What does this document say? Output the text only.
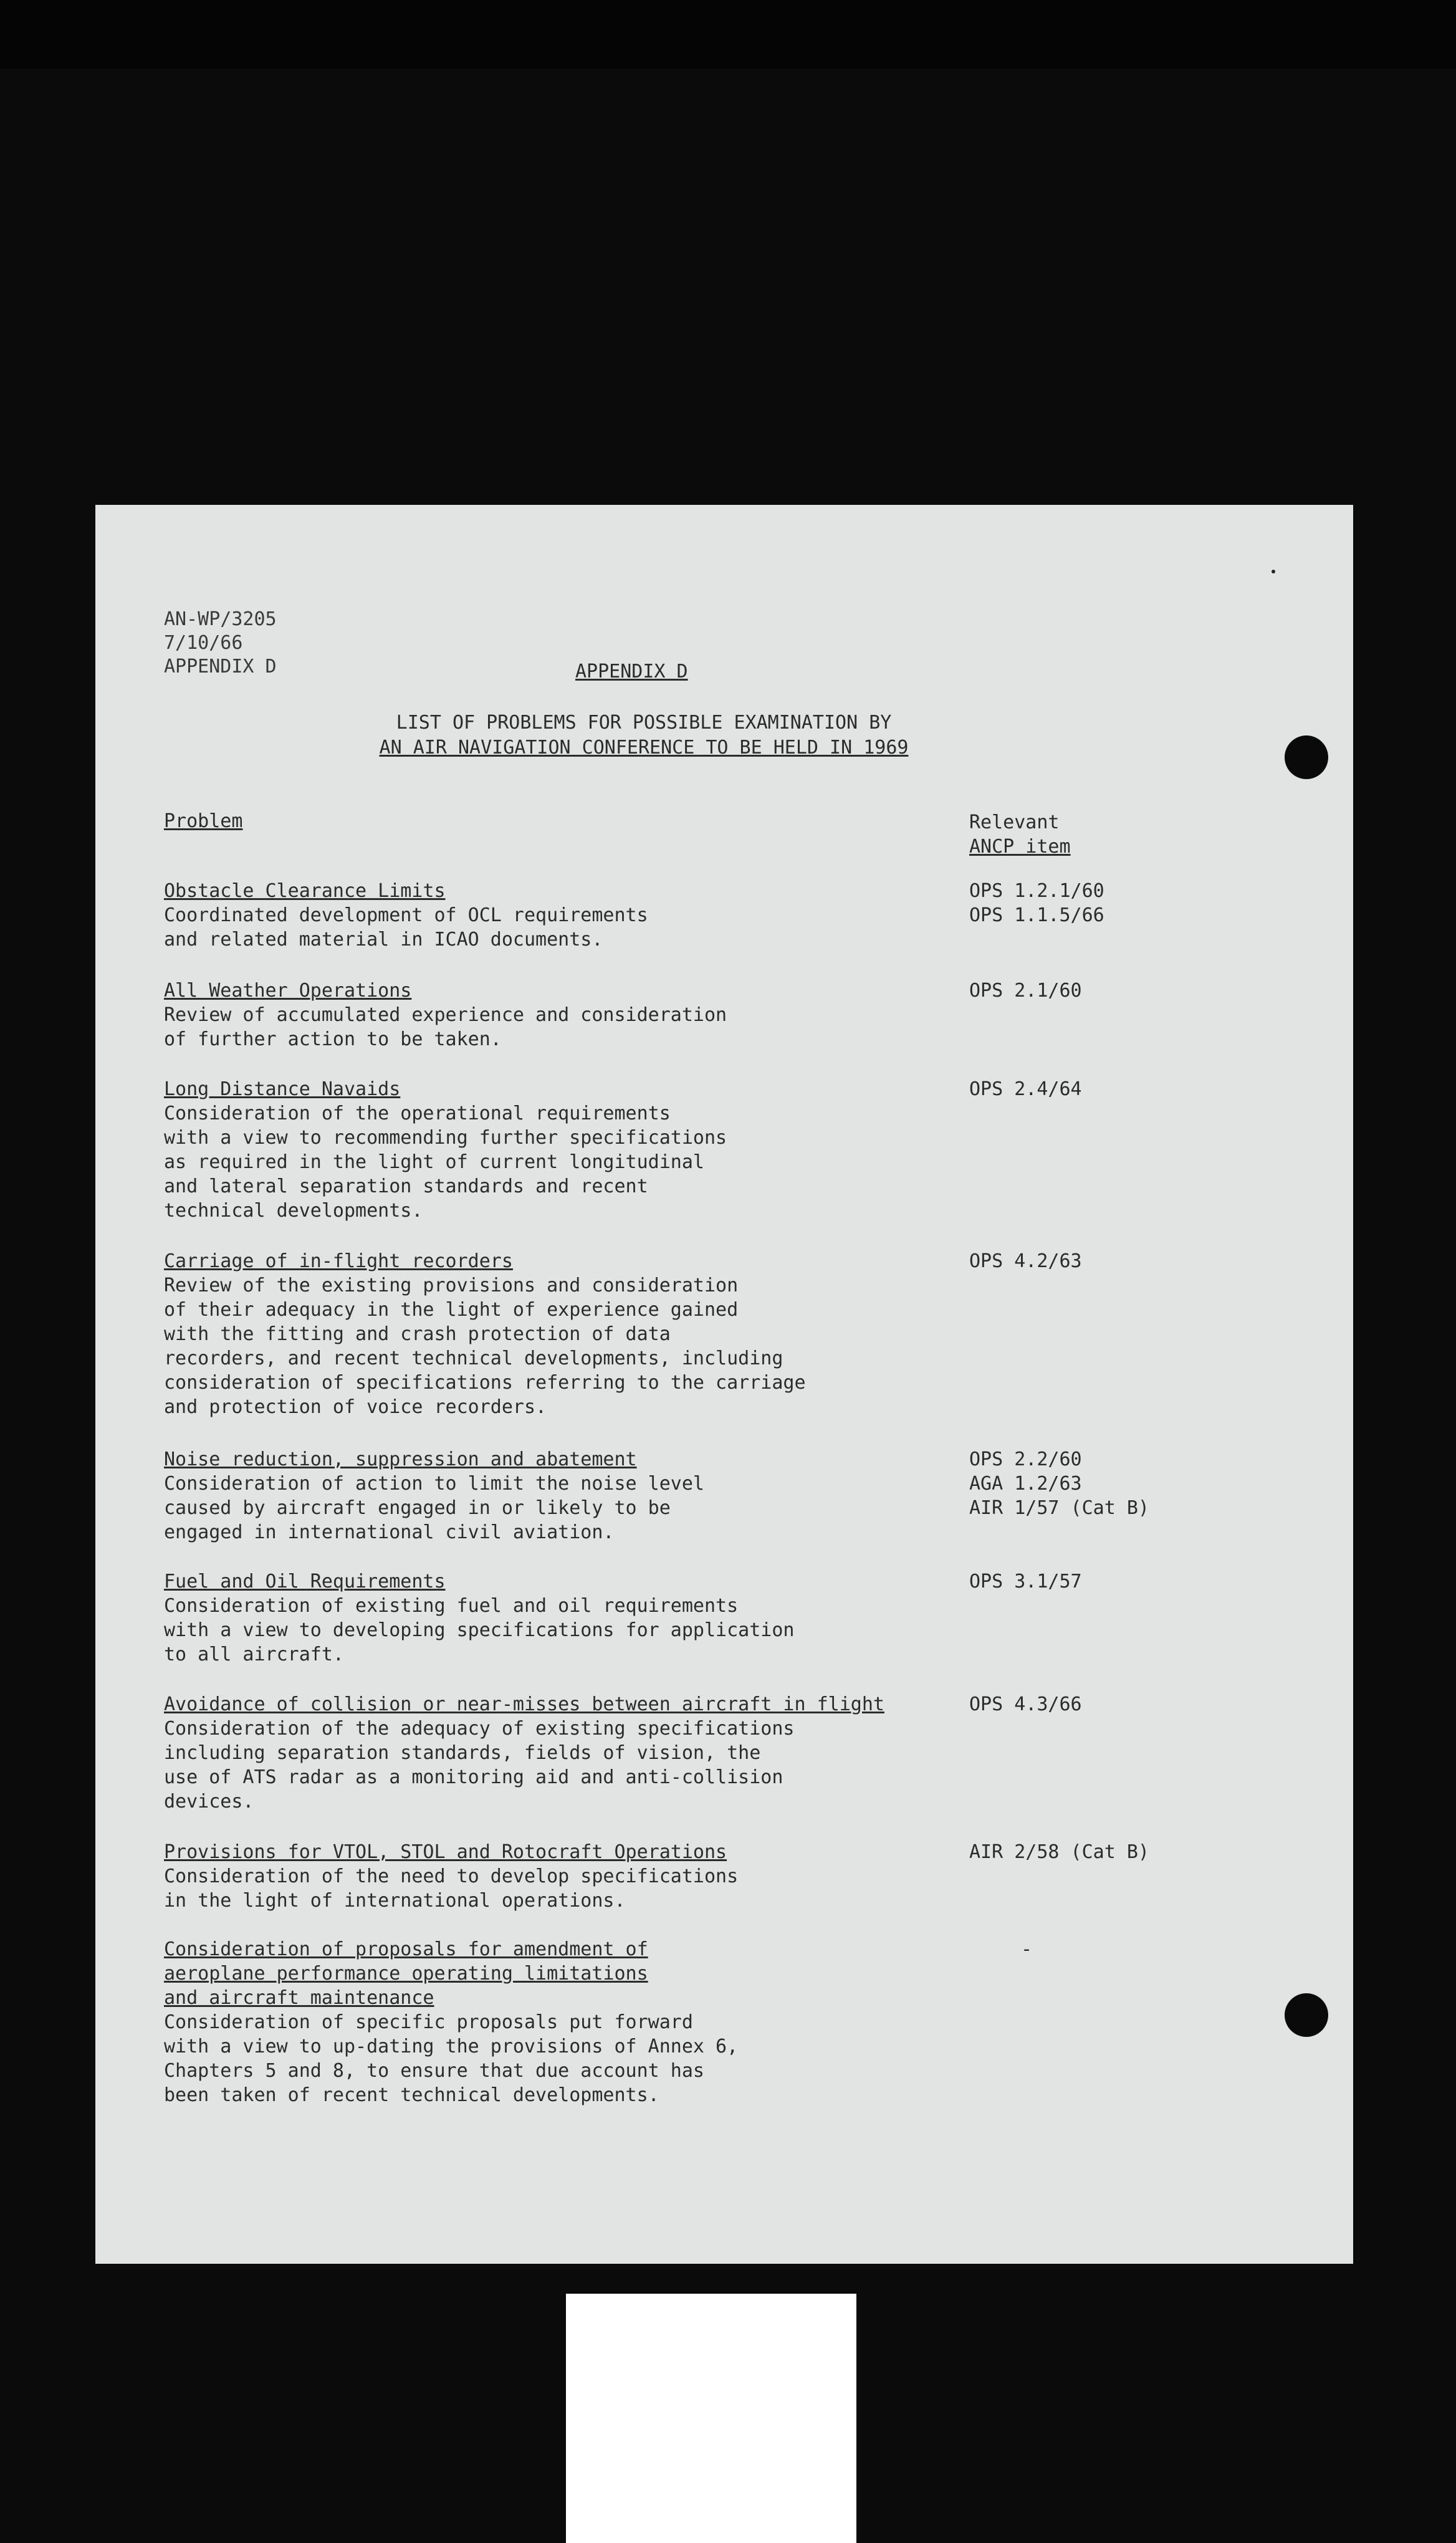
AN-WP/3205
7/10/66
APPENDIX D	APPENDIX D
LIST OF PROBLEMS FOR POSSIBLE EXAMINATION BY
AN AIR NAVIGATION CONFERENCE TO BE HELD IN 1969
Problem	Relevant
ANCP item
Obstacle Clearance Limits
Coordinated development of OCL requirements
and related material in ICAO documents.
OPS 1.2.1/60
OPS 1.1.5/66
All Weather Operations
Review of accumulated experience and consideration
of further action to be taken.
OPS 2.1/60
Long Distance Navaids
Consideration of the operational requirements
with a view to recommending further specifications
as required in the light of current longitudinal
and lateral separation standards and recent
technical developments.
OPS 2.4/64
Carriage of in-flight recorders
Review of the existing provisions and consideration
of their adequacy in the light of experience gained
with the fitting and crash protection of data
recorders, and recent technical developments, including
consideration of specifications referring to the carriage
and protection of voice recorders.
OPS 4.2/63
Noise reduction, suppression and abatement
Consideration of action to limit the noise level
caused by aircraft engaged in or likely to be
engaged in international civil aviation.
OPS 2.2/60
AGA 1.2/63
AIR 1/57 (Cat B)
Fuel and Oil Requirements
Consideration of existing fuel and oil requirements
with a view to developing specifications for application
to all aircraft.
OPS 3.1/57
Avoidance of collision or near-misses between aircraft in flight
Consideration of the adequacy of existing specifications
including separation standards, fields of vision, the
use of ATS radar as a monitoring aid and anti-collision
devices.
OPS 4.3/66
Provisions for VTOL, STOL and Rotocraft Operations
Consideration of the need to develop specifications
in the light of international operations.
AIR 2/58 (Cat B)
Consideration of proposals for amendment of
aeroplane performance operating limitations
and aircraft maintenance
Consideration of specific proposals put forward
with a view to up-dating the provisions of Annex 6,
Chapters 5 and 8, to ensure that due account has
been taken of recent technical developments.
-
